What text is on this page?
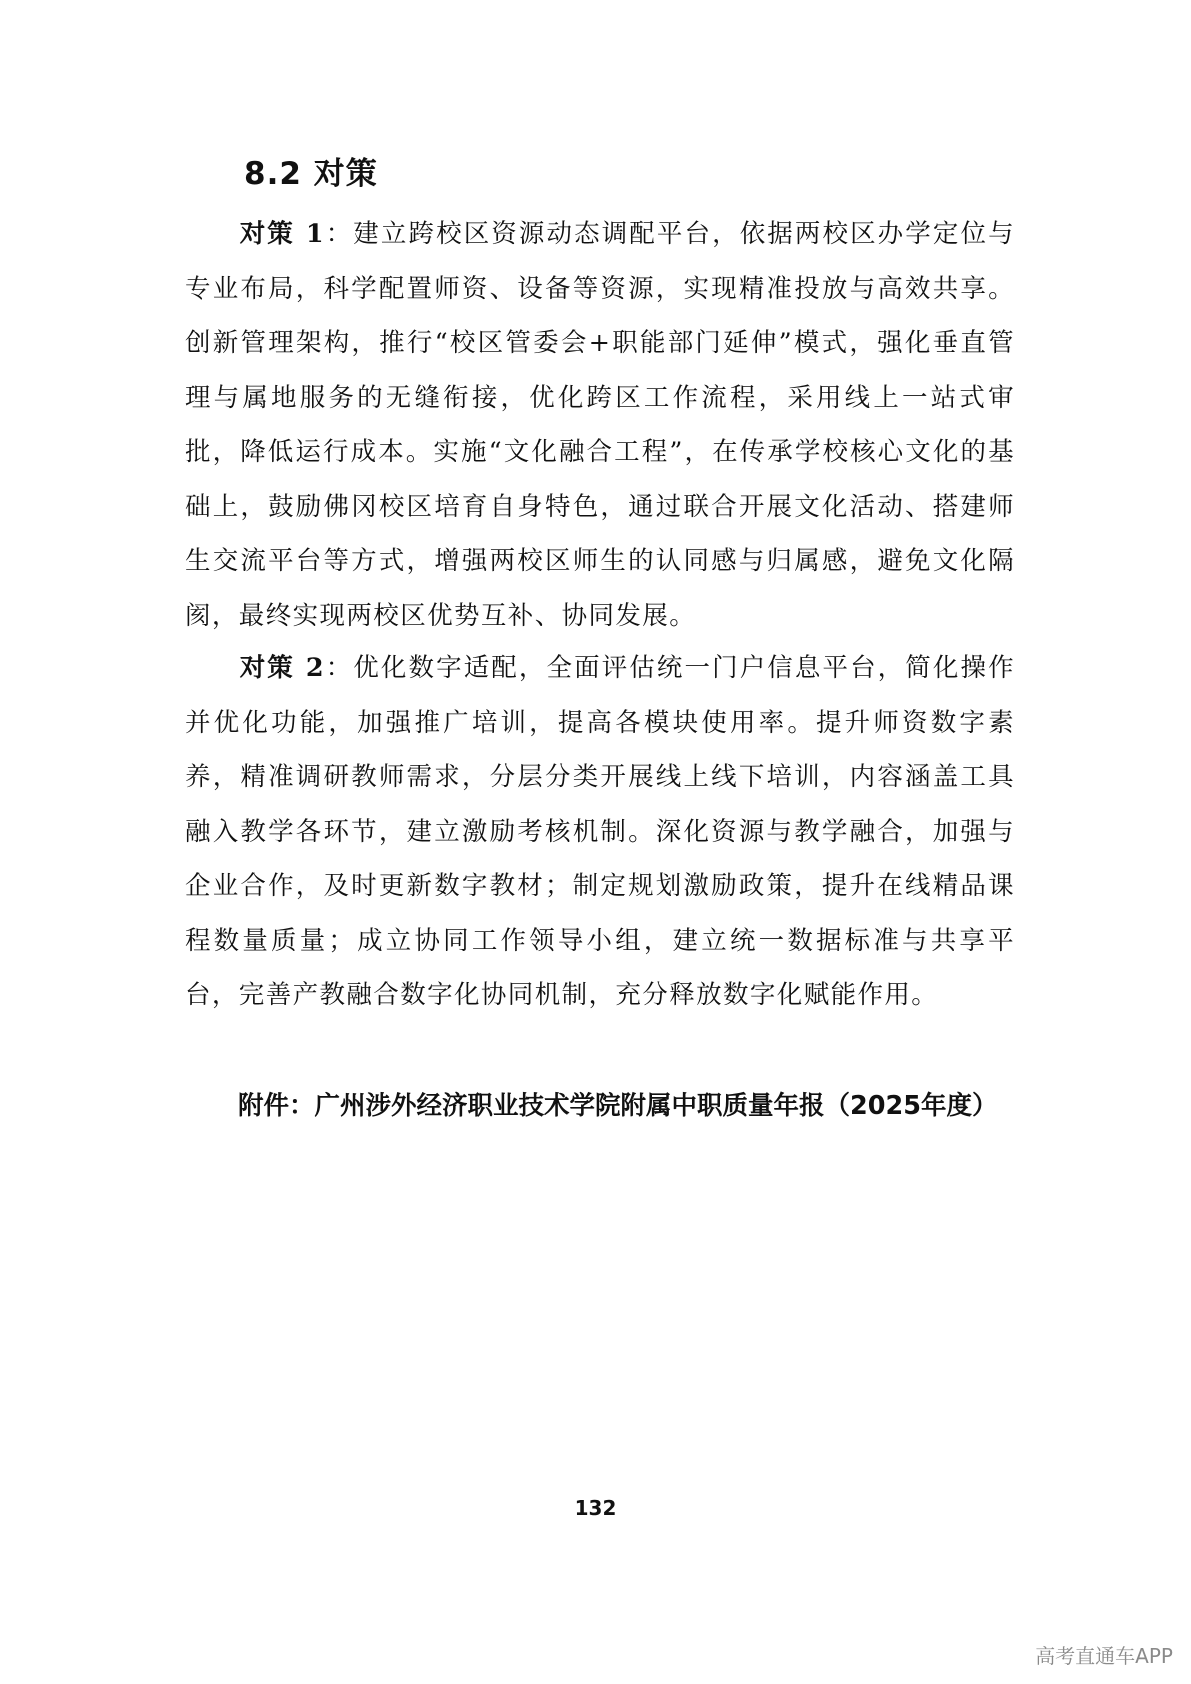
8.2 对策
对策 1：建立跨校区资源动态调配平台，依据两校区办学定位与专业布局，科学配置师资、设备等资源，实现精准投放与高效共享。创新管理架构，推行“校区管委会+职能部门延伸”模式，强化垂直管理与属地服务的无缝衔接，优化跨区工作流程，采用线上一站式审批，降低运行成本。实施“文化融合工程”，在传承学校核心文化的基础上，鼓励佛冈校区培育自身特色，通过联合开展文化活动、搭建师生交流平台等方式，增强两校区师生的认同感与归属感，避免文化隔阂，最终实现两校区优势互补、协同发展。
对策 2：优化数字适配，全面评估统一门户信息平台，简化操作并优化功能，加强推广培训，提高各模块使用率。提升师资数字素养，精准调研教师需求，分层分类开展线上线下培训，内容涵盖工具融入教学各环节，建立激励考核机制。深化资源与教学融合，加强与企业合作，及时更新数字教材；制定规划激励政策，提升在线精品课程数量质量；成立协同工作领导小组，建立统一数据标准与共享平台，完善产教融合数字化协同机制，充分释放数字化赋能作用。
附件：广州涉外经济职业技术学院附属中职质量年报（2025年度）
132
高考直通车APP
